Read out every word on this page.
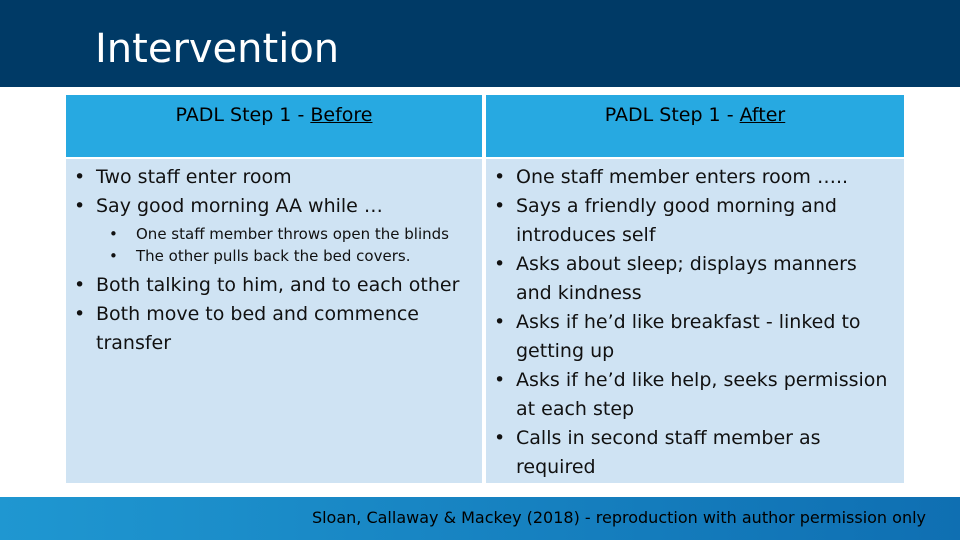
Intervention
PADL Step 1 - Before	PADL Step 1 - After
• Two staff enter room
• Say good morning AA while …
• One staff member throws open the blinds
• The other pulls back the bed covers.
• Both talking to him, and to each other
• Both move to bed and commence transfer
• One staff member enters room …..
• Says a friendly good morning and introduces self
• Asks about sleep; displays manners and kindness
• Asks if he’d like breakfast - linked to getting up
• Asks if he’d like help, seeks permission at each step
• Calls in second staff member as required
Sloan, Callaway & Mackey (2018) - reproduction with author permission only
